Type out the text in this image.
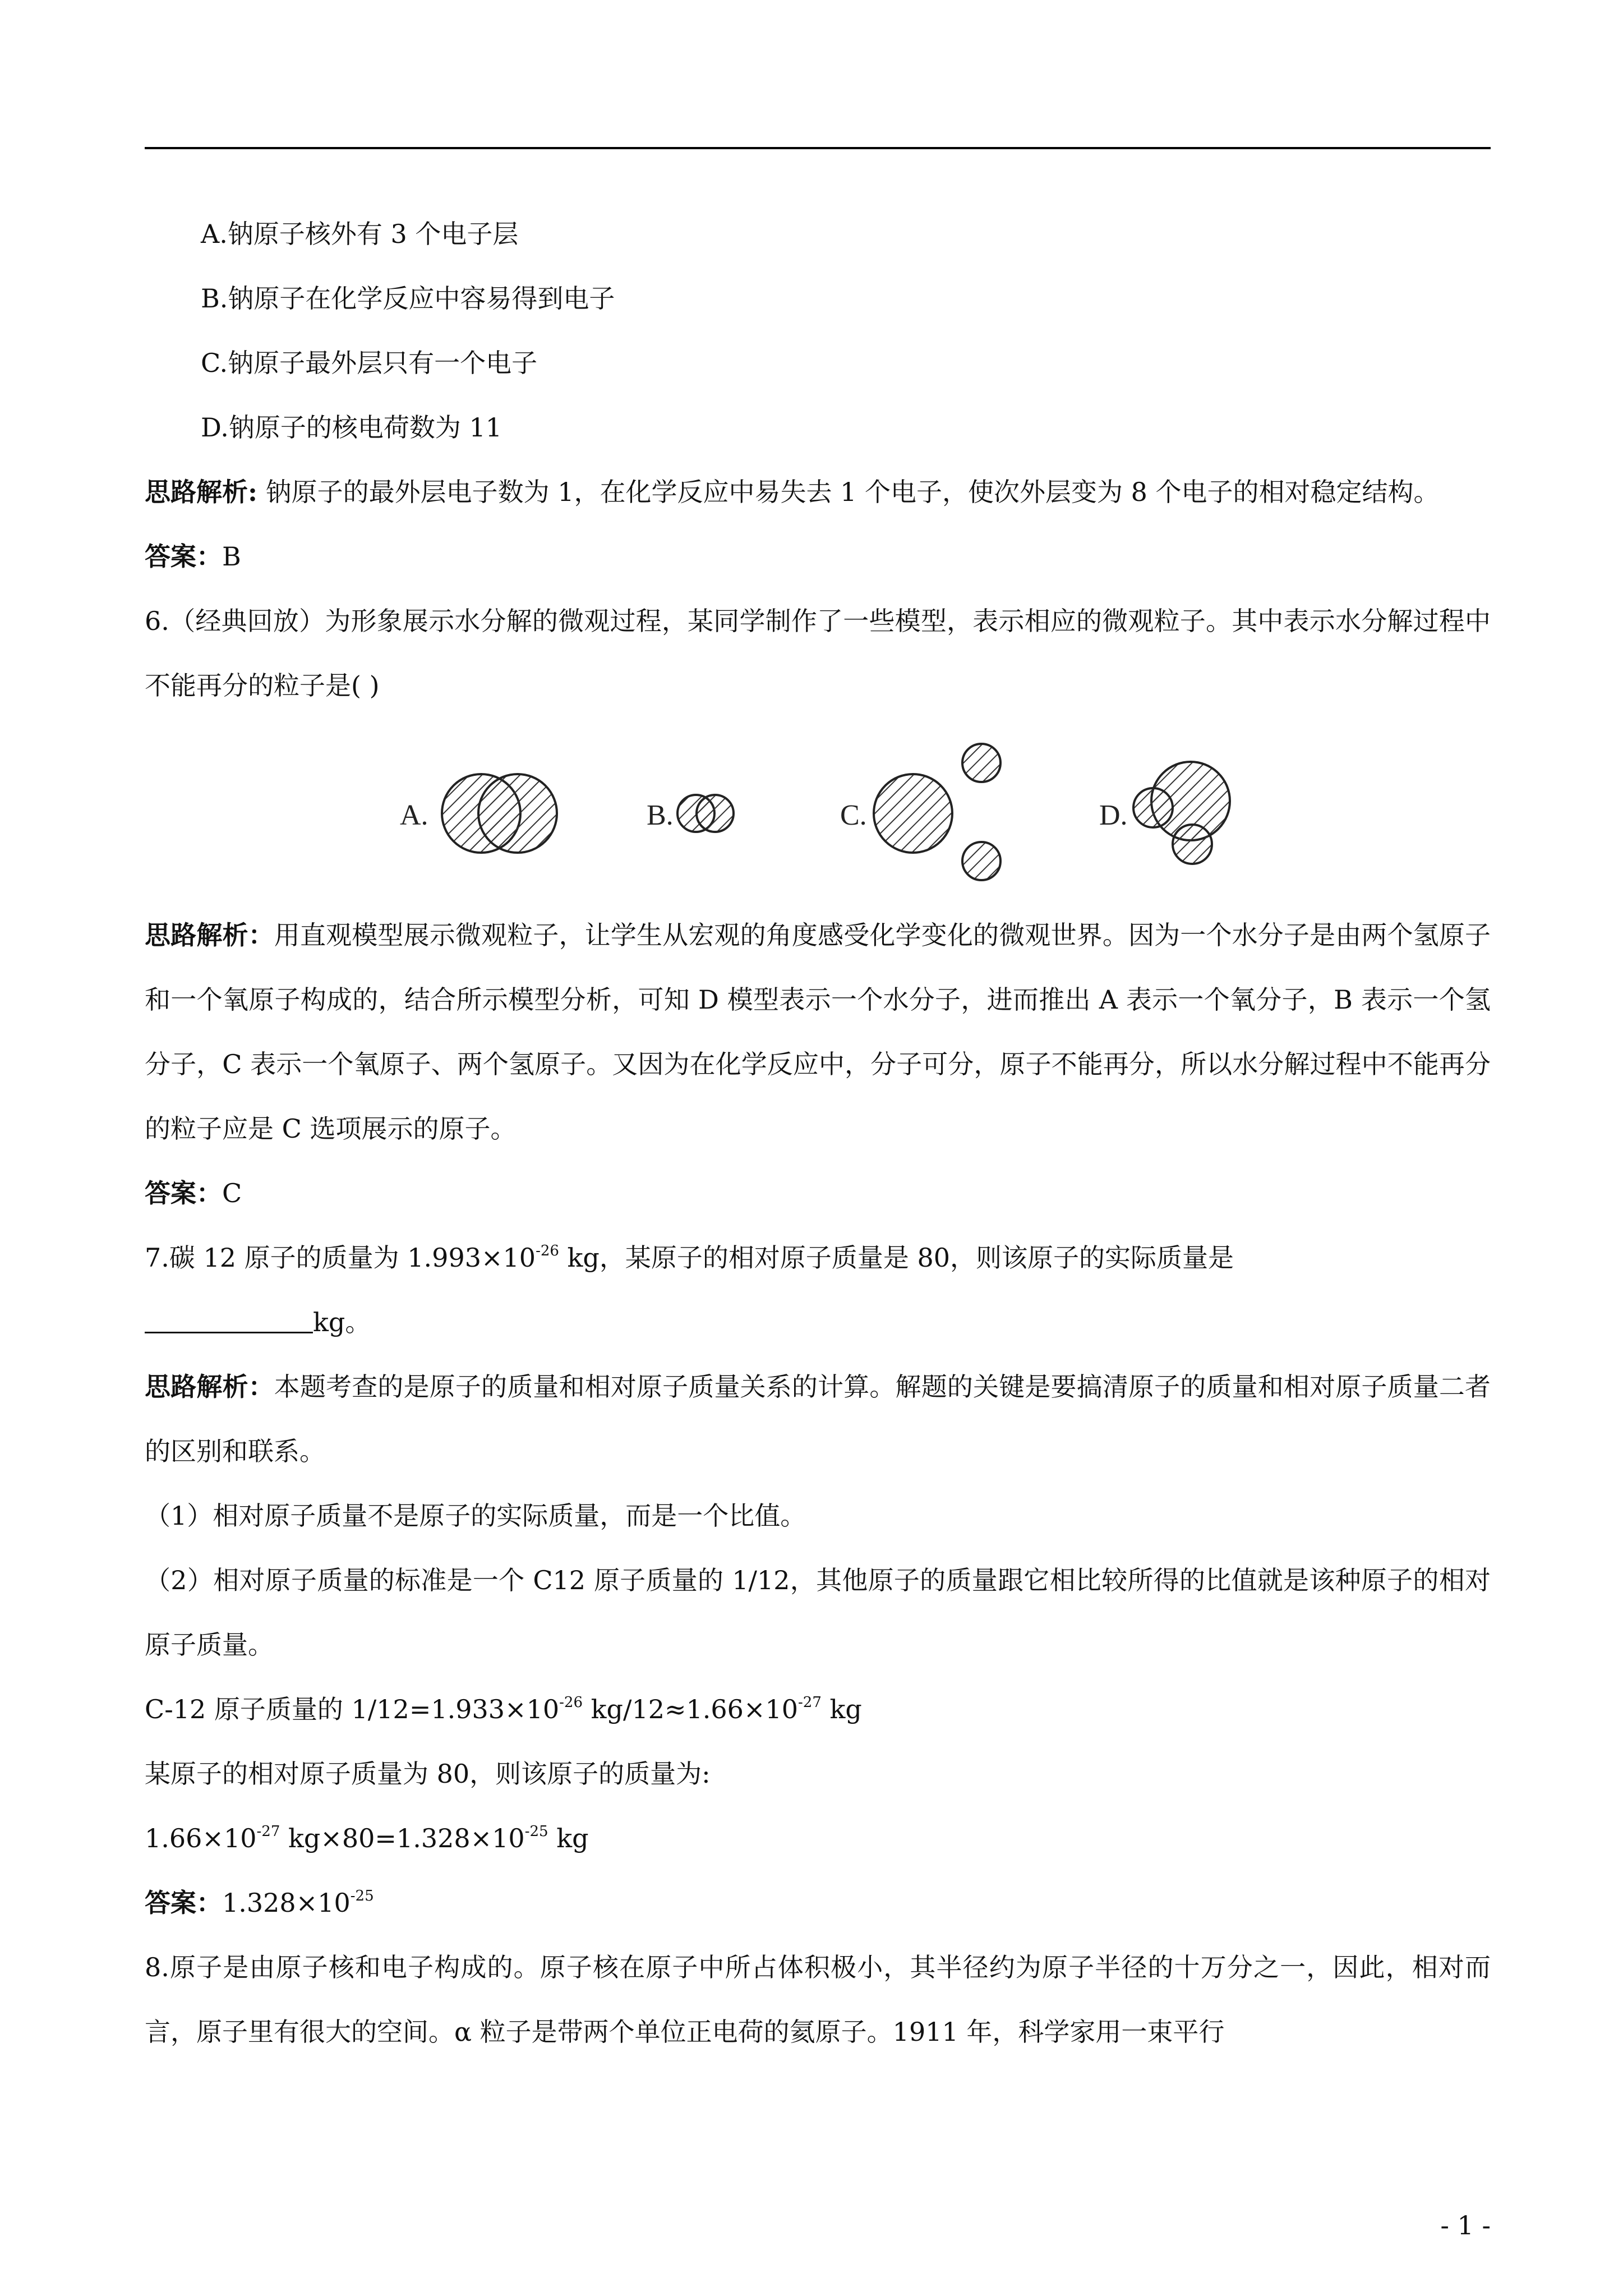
A.钠原子核外有 3 个电子层

B.钠原子在化学反应中容易得到电子

C.钠原子最外层只有一个电子

D.钠原子的核电荷数为 11

思路解析: 钠原子的最外层电子数为 1，在化学反应中易失去 1 个电子，使次外层变为 8 个电子的相对稳定结构。

答案：B

6.（经典回放）为形象展示水分解的微观过程，某同学制作了一些模型，表示相应的微观粒子。其中表示水分解过程中不能再分的粒子是( )

A.	B.	C.	D.

思路解析：用直观模型展示微观粒子，让学生从宏观的角度感受化学变化的微观世界。因为一个水分子是由两个氢原子和一个氧原子构成的，结合所示模型分析，可知 D 模型表示一个水分子，进而推出 A 表示一个氧分子，B 表示一个氢分子，C 表示一个氧原子、两个氢原子。又因为在化学反应中，分子可分，原子不能再分，所以水分解过程中不能再分的粒子应是 C 选项展示的原子。

答案：C

7.碳 12 原子的质量为 $1.993\times 10^{-26}$ kg，某原子的相对原子质量是 80，则该原子的实际质量是

kg。

思路解析：本题考查的是原子的质量和相对原子质量关系的计算。解题的关键是要搞清原子的质量和相对原子质量二者的区别和联系。

（1）相对原子质量不是原子的实际质量，而是一个比值。

（2）相对原子质量的标准是一个 C12 原子质量的 1/12，其他原子的质量跟它相比较所得的比值就是该种原子的相对原子质量。

C-12 原子质量的 $1/12=1.933\times 10^{-26}$ $kg/12\approx 1.66\times 10^{-27}$ kg

某原子的相对原子质量为 80，则该原子的质量为:

$1.66\times 10^{-27}$ $kg\times 80=1.328\times 10^{-25}$ kg

答案：$1.328\times 10^{-25}$

8.原子是由原子核和电子构成的。原子核在原子中所占体积极小，其半径约为原子半径的十万分之一，因此，相对而言，原子里有很大的空间。α 粒子是带两个单位正电荷的氦原子。1911 年，科学家用一束平行

- 1 -
